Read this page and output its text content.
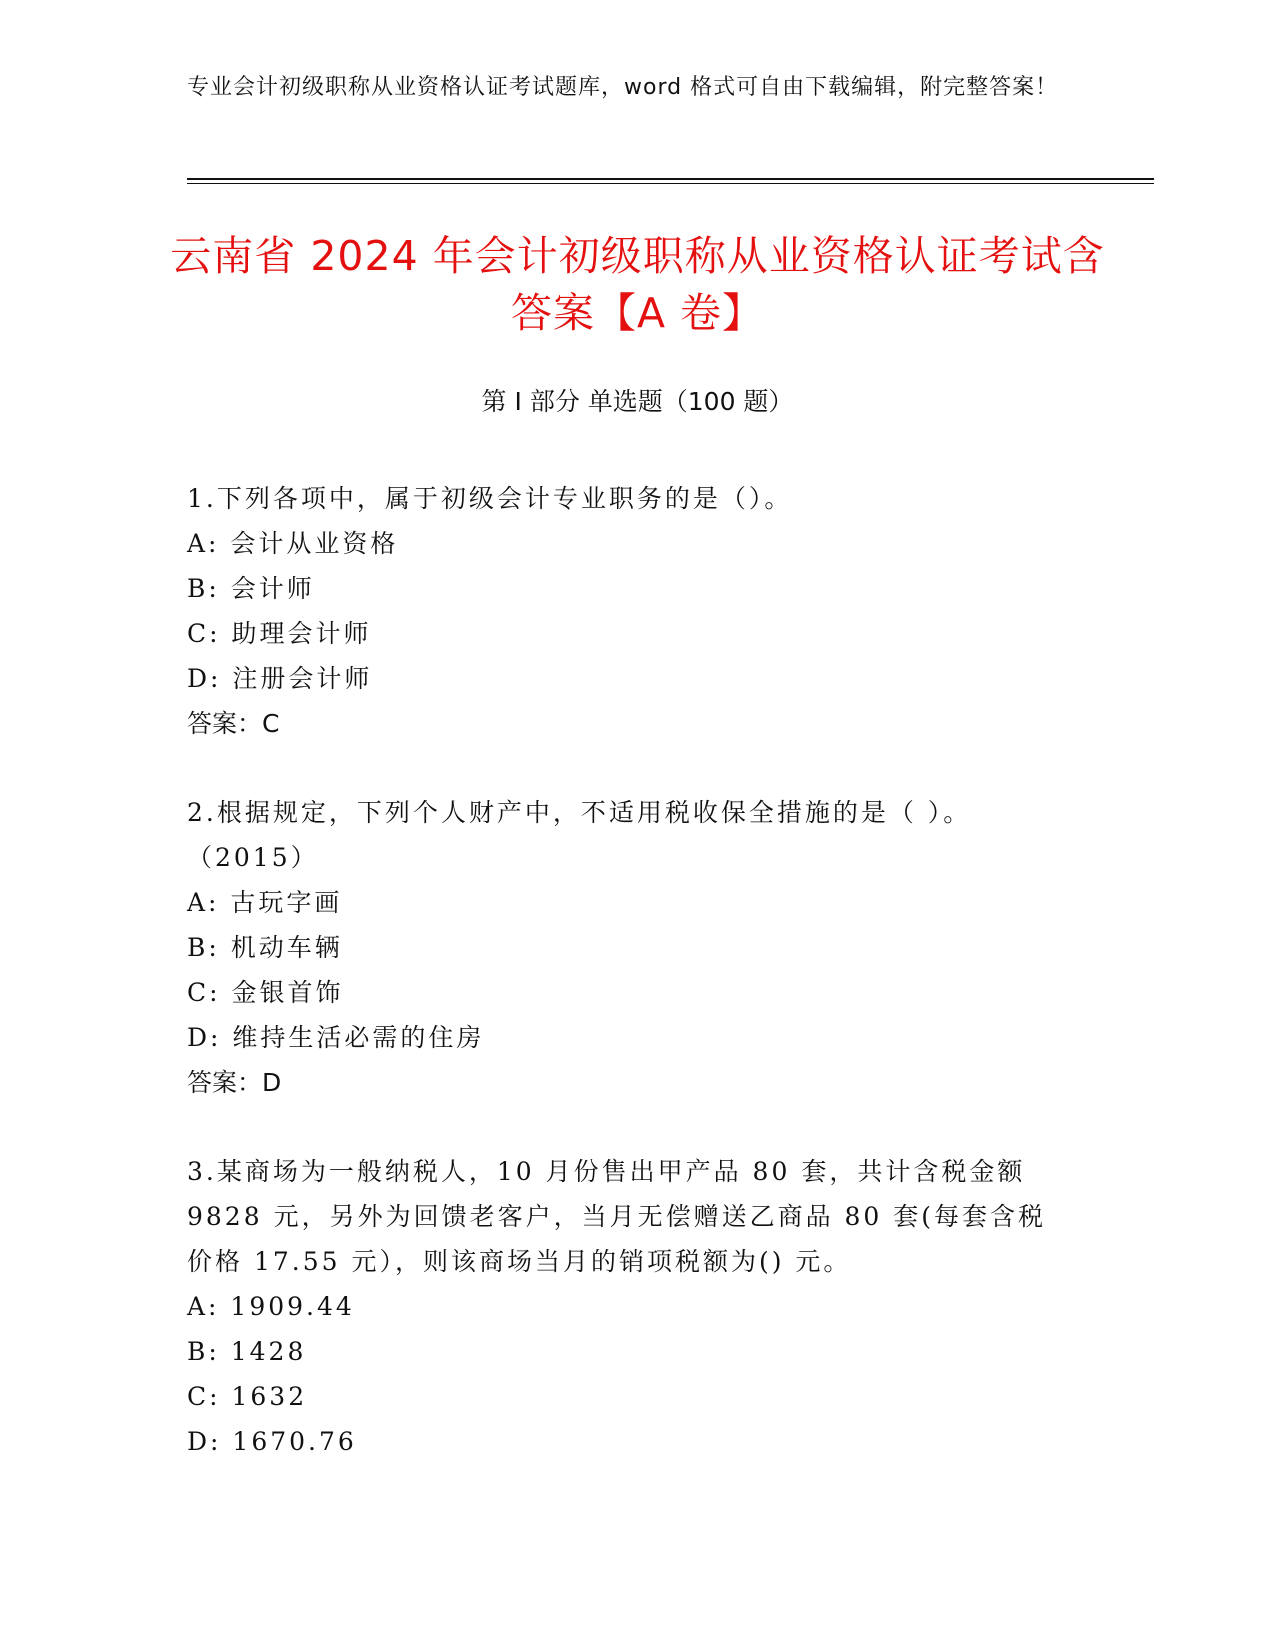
专业会计初级职称从业资格认证考试题库，word 格式可自由下载编辑，附完整答案！
云南省 2024 年会计初级职称从业资格认证考试含答案【A 卷】
第 I 部分 单选题（100 题）

1.下列各项中，属于初级会计专业职务的是（）。

A: 会计从业资格

B: 会计师

C: 助理会计师

D: 注册会计师

答案：C

2.根据规定，下列个人财产中，不适用税收保全措施的是（ ）。（2015）

A: 古玩字画

B: 机动车辆

C: 金银首饰

D: 维持生活必需的住房

答案：D

3.某商场为一般纳税人，10 月份售出甲产品 80 套，共计含税金额 9828 元，另外为回馈老客户，当月无偿赠送乙商品 80 套(每套含税价格 17.55 元），则该商场当月的销项税额为() 元。

A: 1909.44

B: 1428

C: 1632

D: 1670.76
